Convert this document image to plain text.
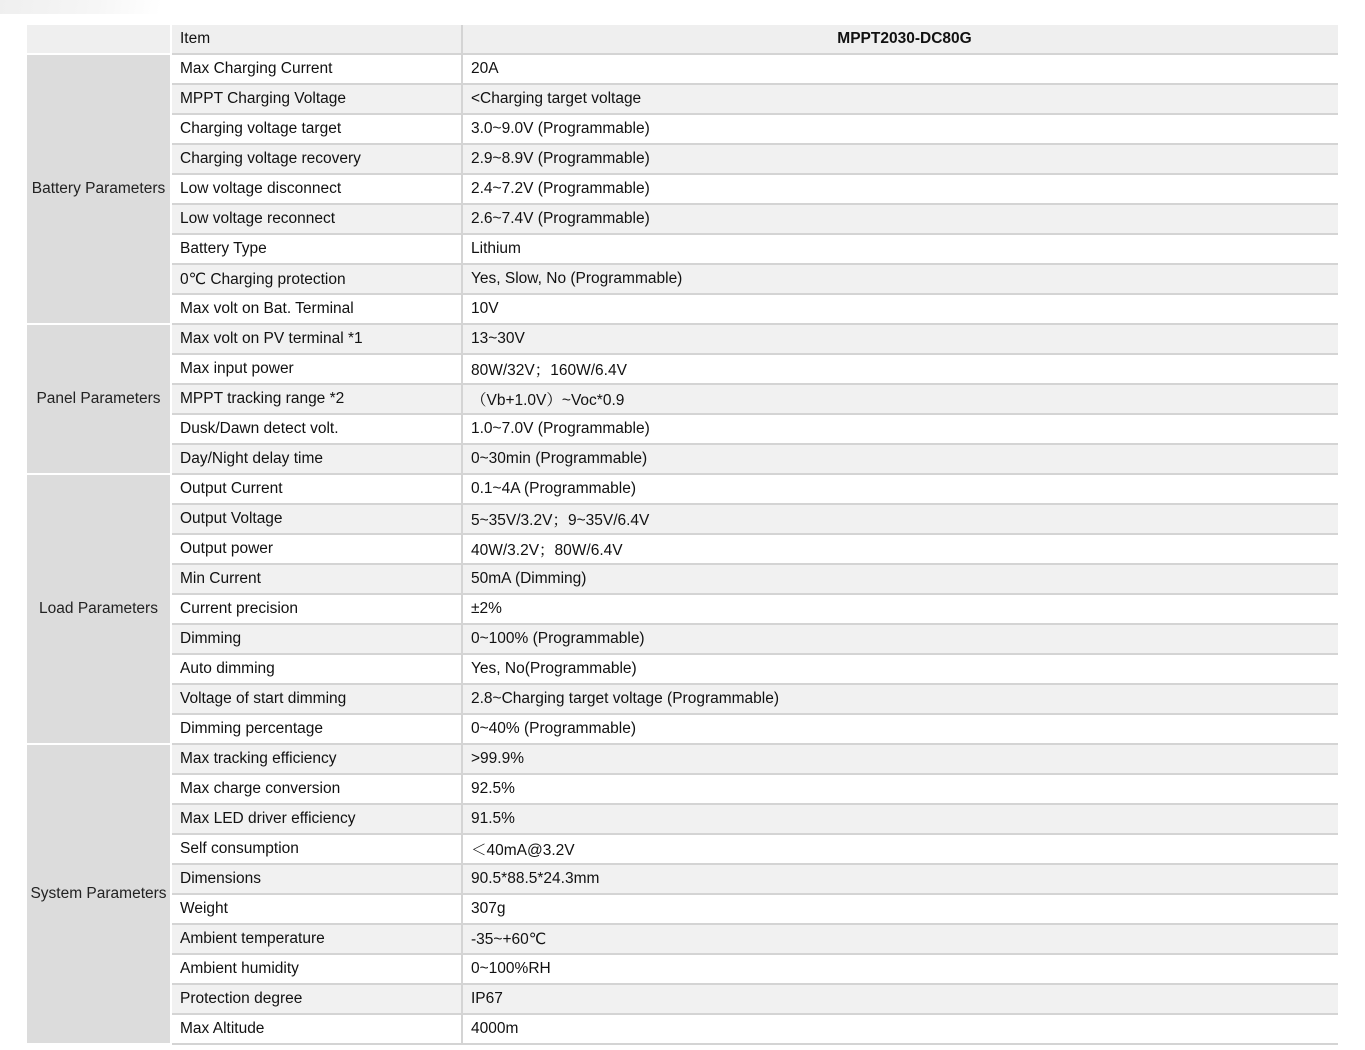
	Item	MPPT2030-DC80G
Battery Parameters	Max Charging Current	20A
	MPPT Charging Voltage	<Charging target voltage
	Charging voltage target	3.0~9.0V (Programmable)
	Charging voltage recovery	2.9~8.9V (Programmable)
	Low voltage disconnect	2.4~7.2V (Programmable)
	Low voltage reconnect	2.6~7.4V (Programmable)
	Battery Type	Lithium
	0℃ Charging protection	Yes, Slow, No (Programmable)
	Max volt on Bat. Terminal	10V
Panel Parameters	Max volt on PV terminal *1	13~30V
	Max input power	80W/32V；160W/6.4V
	MPPT tracking range *2	（Vb+1.0V）~Voc*0.9
	Dusk/Dawn detect volt.	1.0~7.0V (Programmable)
	Day/Night delay time	0~30min (Programmable)
Load Parameters	Output Current	0.1~4A (Programmable)
	Output Voltage	5~35V/3.2V；9~35V/6.4V
	Output power	40W/3.2V；80W/6.4V
	Min Current	50mA (Dimming)
	Current precision	±2%
	Dimming	0~100% (Programmable)
	Auto dimming	Yes, No(Programmable)
	Voltage of start dimming	2.8~Charging target voltage (Programmable)
	Dimming percentage	0~40% (Programmable)
System Parameters	Max tracking efficiency	>99.9%
	Max charge conversion	92.5%
	Max LED driver efficiency	91.5%
	Self consumption	＜40mA@3.2V
	Dimensions	90.5*88.5*24.3mm
	Weight	307g
	Ambient temperature	-35~+60℃
	Ambient humidity	0~100%RH
	Protection degree	IP67
	Max Altitude	4000m
